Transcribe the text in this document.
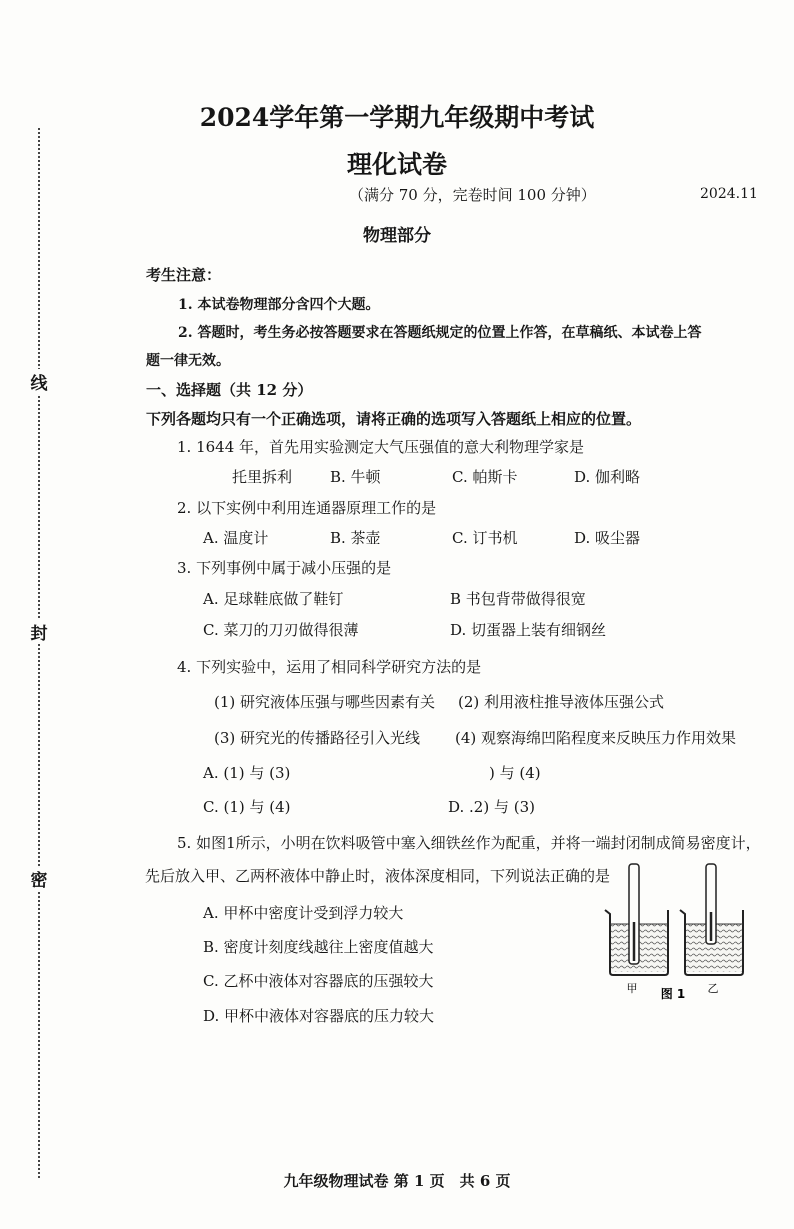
线
封
密
2024学年第一学期九年级期中考试
理化试卷
（满分 70 分，完卷时间 100 分钟）	2024.11
物理部分
考生注意：
1. 本试卷物理部分含四个大题。
2. 答题时，考生务必按答题要求在答题纸规定的位置上作答，在草稿纸、本试卷上答
题一律无效。
一、选择题（共 12 分）
下列各题均只有一个正确选项，请将正确的选项写入答题纸上相应的位置。
1. 1644 年，首先用实验测定大气压强值的意大利物理学家是
托里拆利	B. 牛顿	C. 帕斯卡	D. 伽利略
2. 以下实例中利用连通器原理工作的是
A. 温度计	B. 茶壶	C. 订书机	D. 吸尘器
3. 下列事例中属于减小压强的是
A. 足球鞋底做了鞋钉	B 书包背带做得很宽
C. 菜刀的刀刃做得很薄	D. 切蛋器上装有细钢丝
4. 下列实验中，运用了相同科学研究方法的是
(1) 研究液体压强与哪些因素有关 (2) 利用液柱推导液体压强公式
(3) 研究光的传播路径引入光线 (4) 观察海绵凹陷程度来反映压力作用效果
A. (1) 与 (3)	) 与 (4)
C. (1) 与 (4)	D. .2) 与 (3)
5. 如图1所示，小明在饮料吸管中塞入细铁丝作为配重，并将一端封闭制成简易密度计，
先后放入甲、乙两杯液体中静止时，液体深度相同，下列说法正确的是
A. 甲杯中密度计受到浮力较大
B. 密度计刻度线越往上密度值越大
C. 乙杯中液体对容器底的压强较大
D. 甲杯中液体对容器底的压力较大
甲 图 1 乙
九年级物理试卷 第 1 页　共 6 页
